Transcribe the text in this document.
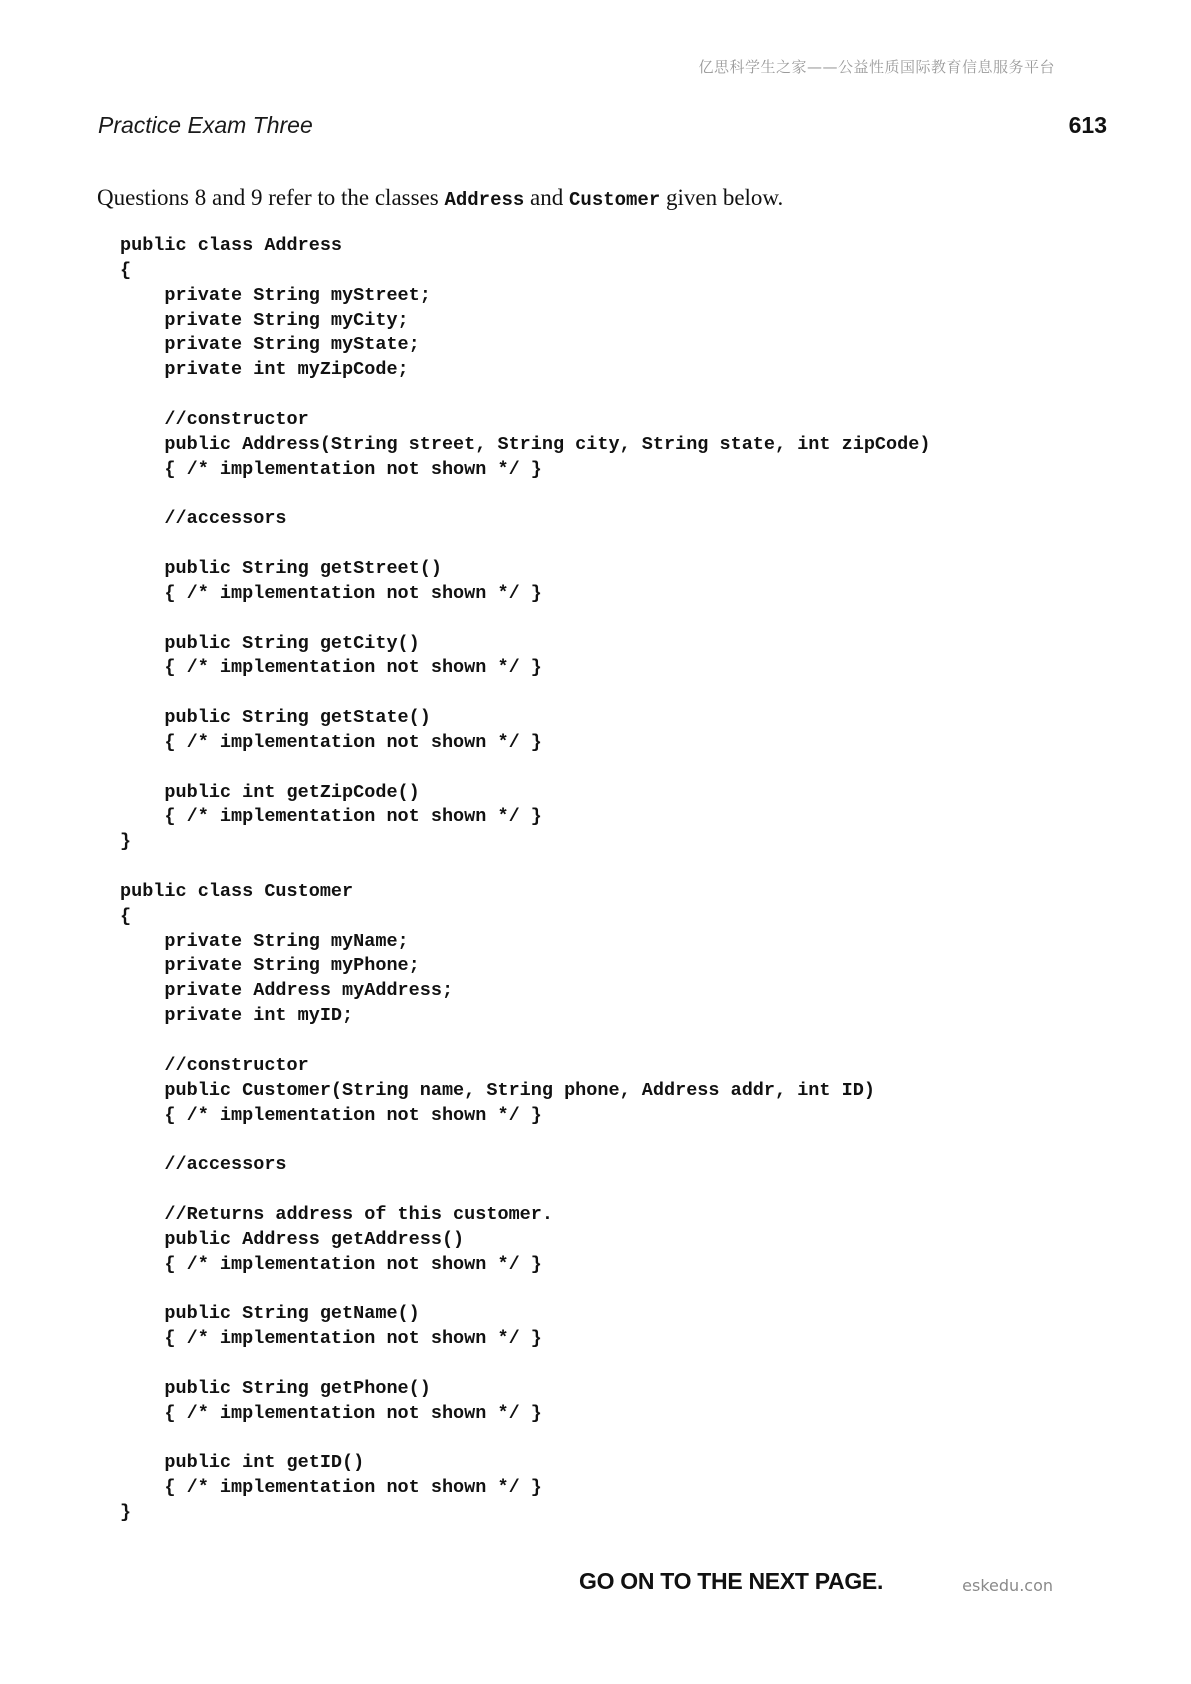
亿思科学生之家——公益性质国际教育信息服务平台
Practice Exam Three	613
Questions 8 and 9 refer to the classes Address and Customer given below.
public class Address
{
private String myStreet;
private String myCity;
private String myState;
private int myZipCode;
//constructor
public Address(String street, String city, String state, int zipCode)
{ /* implementation not shown */ }
//accessors
public String getStreet()
{ /* implementation not shown */ }
public String getCity()
{ /* implementation not shown */ }
public String getState()
{ /* implementation not shown */ }
public int getZipCode()
{ /* implementation not shown */ }
}
public class Customer
{
private String myName;
private String myPhone;
private Address myAddress;
private int myID;
//constructor
public Customer(String name, String phone, Address addr, int ID)
{ /* implementation not shown */ }
//accessors
//Returns address of this customer.
public Address getAddress()
{ /* implementation not shown */ }
public String getName()
{ /* implementation not shown */ }
public String getPhone()
{ /* implementation not shown */ }
public int getID()
{ /* implementation not shown */ }
}
GO ON TO THE NEXT PAGE.	eskedu.con
